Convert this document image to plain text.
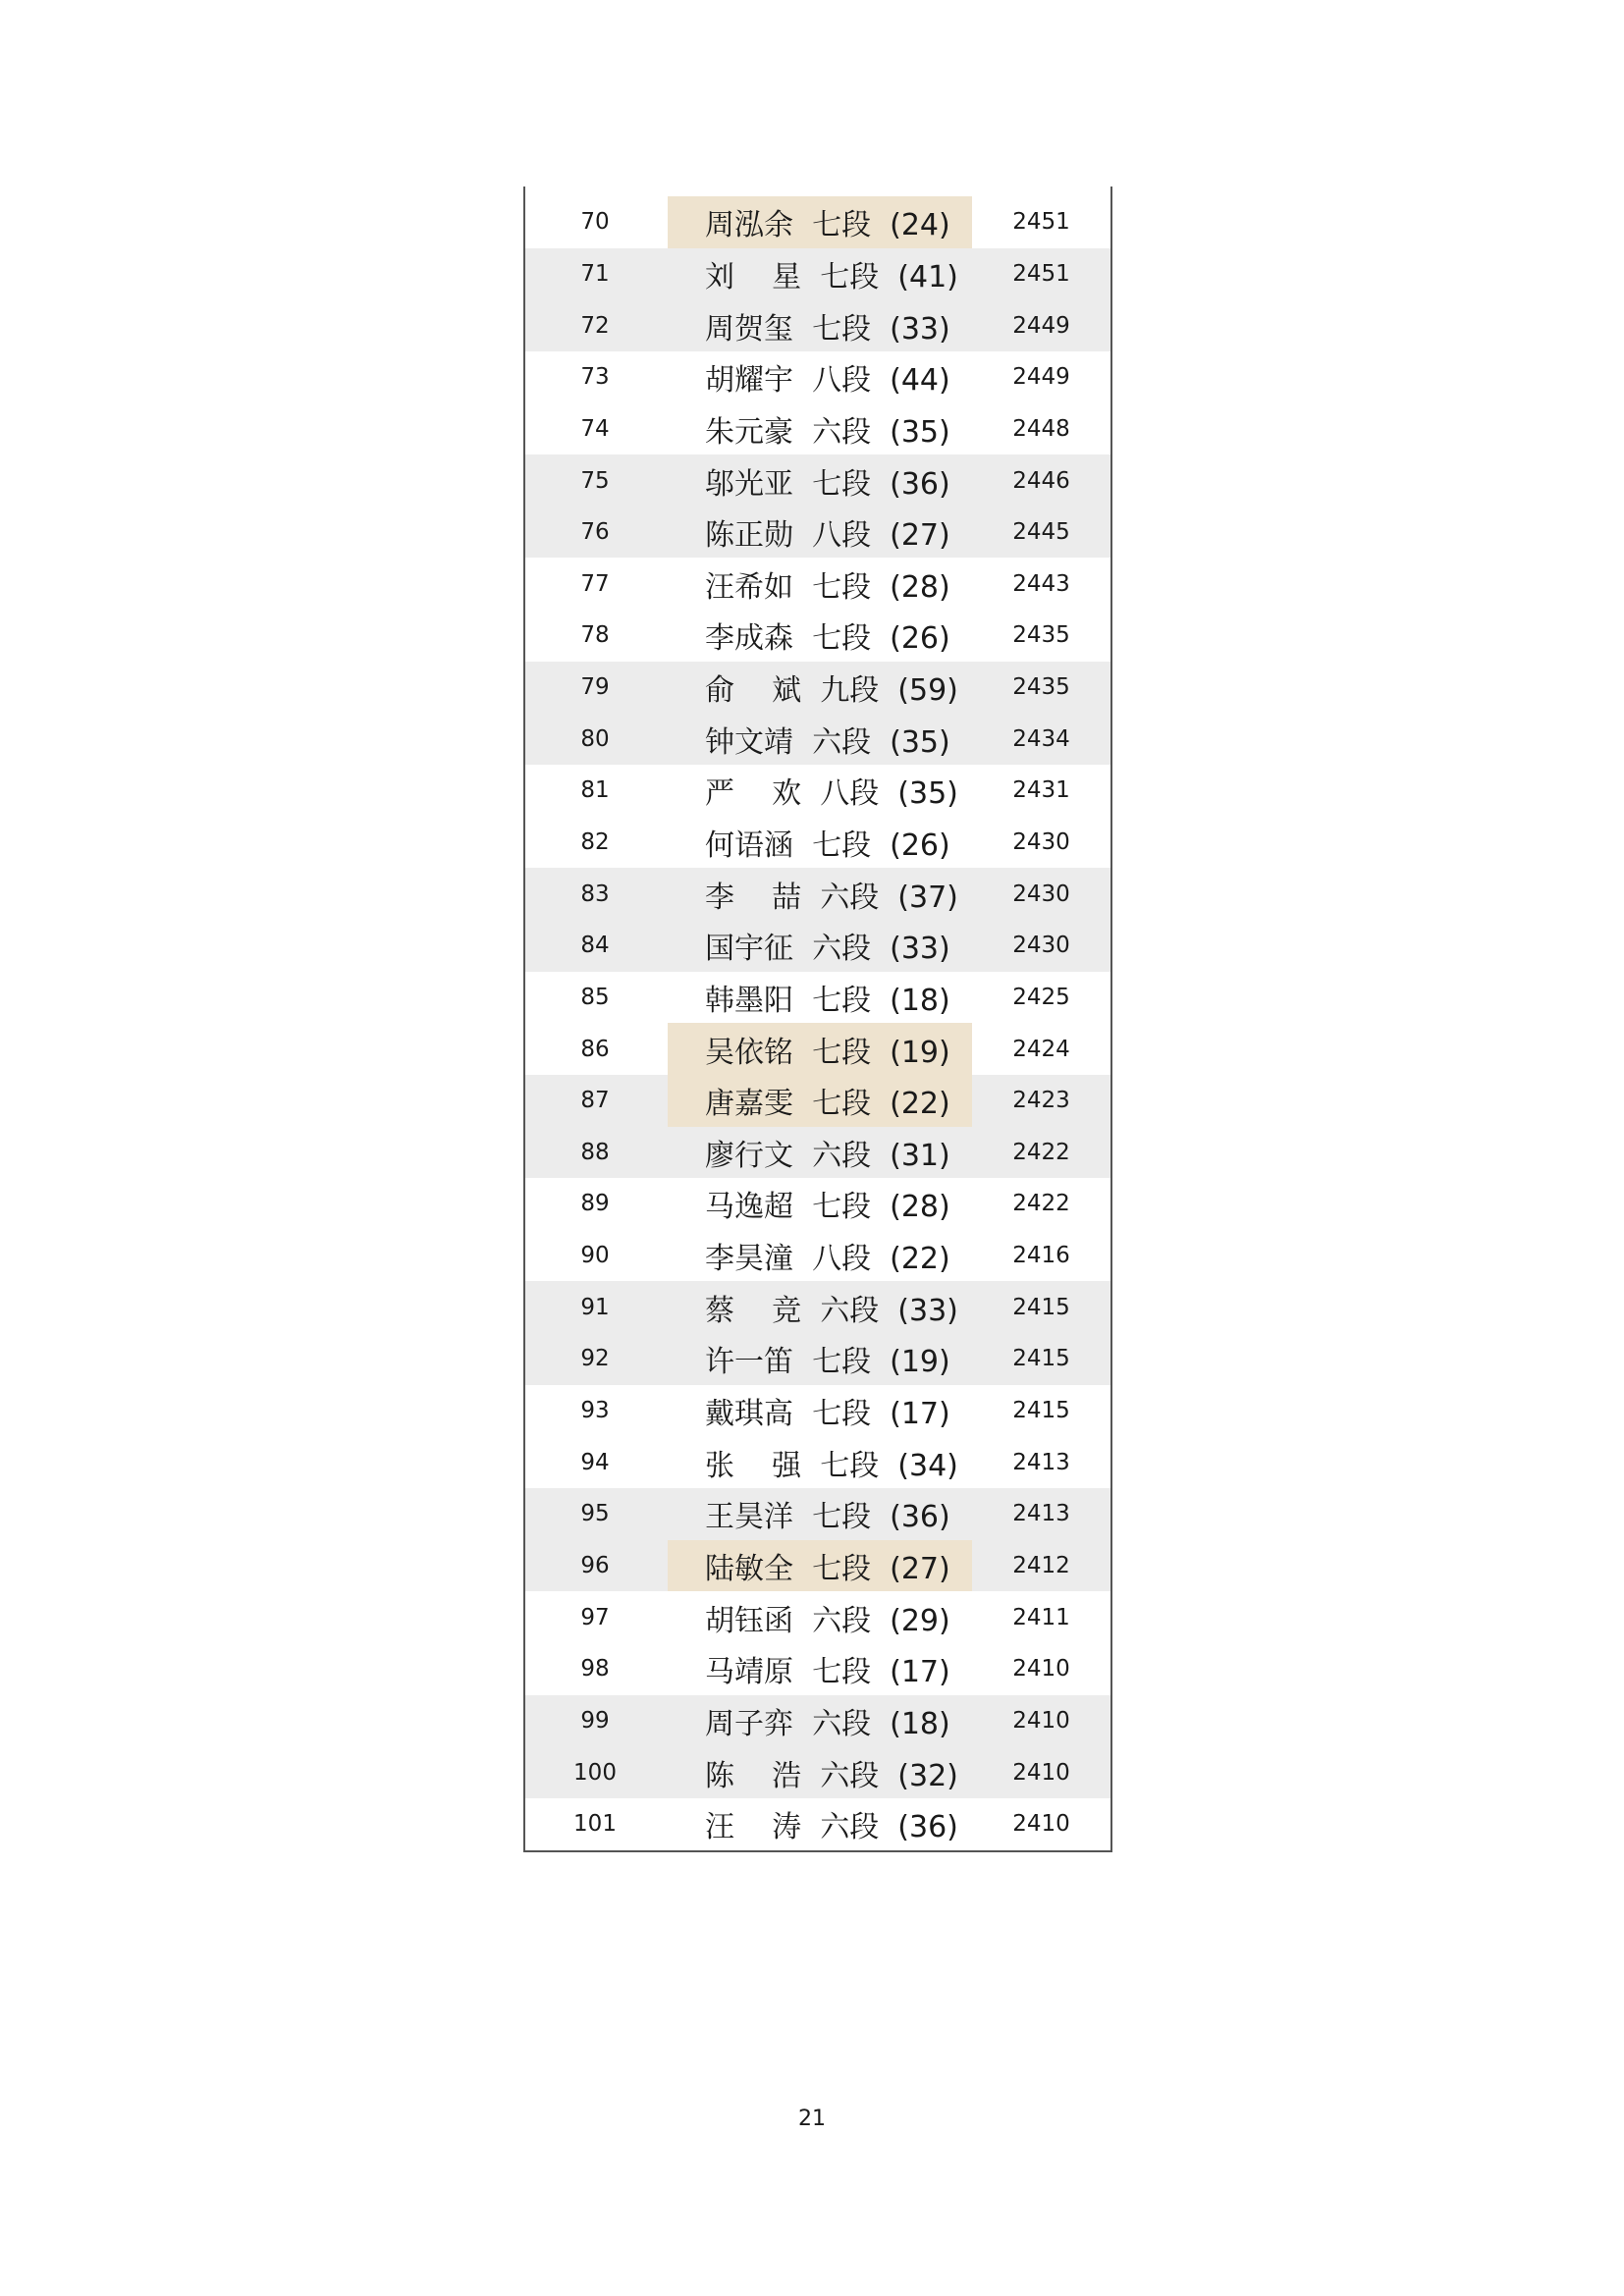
70	周泓余  七段  (24)	2451
71	刘    星  七段  (41)	2451
72	周贺玺  七段  (33)	2449
73	胡耀宇  八段  (44)	2449
74	朱元豪  六段  (35)	2448
75	邬光亚  七段  (36)	2446
76	陈正勋  八段  (27)	2445
77	汪希如  七段  (28)	2443
78	李成森  七段  (26)	2435
79	俞    斌  九段  (59)	2435
80	钟文靖  六段  (35)	2434
81	严    欢  八段  (35)	2431
82	何语涵  七段  (26)	2430
83	李    喆  六段  (37)	2430
84	国宇征  六段  (33)	2430
85	韩墨阳  七段  (18)	2425
86	吴依铭  七段  (19)	2424
87	唐嘉雯  七段  (22)	2423
88	廖行文  六段  (31)	2422
89	马逸超  七段  (28)	2422
90	李昊潼  八段  (22)	2416
91	蔡    竞  六段  (33)	2415
92	许一笛  七段  (19)	2415
93	戴琪高  七段  (17)	2415
94	张    强  七段  (34)	2413
95	王昊洋  七段  (36)	2413
96	陆敏全  七段  (27)	2412
97	胡钰函  六段  (29)	2411
98	马靖原  七段  (17)	2410
99	周子弈  六段  (18)	2410
100	陈    浩  六段  (32)	2410
101	汪    涛  六段  (36)	2410
21
